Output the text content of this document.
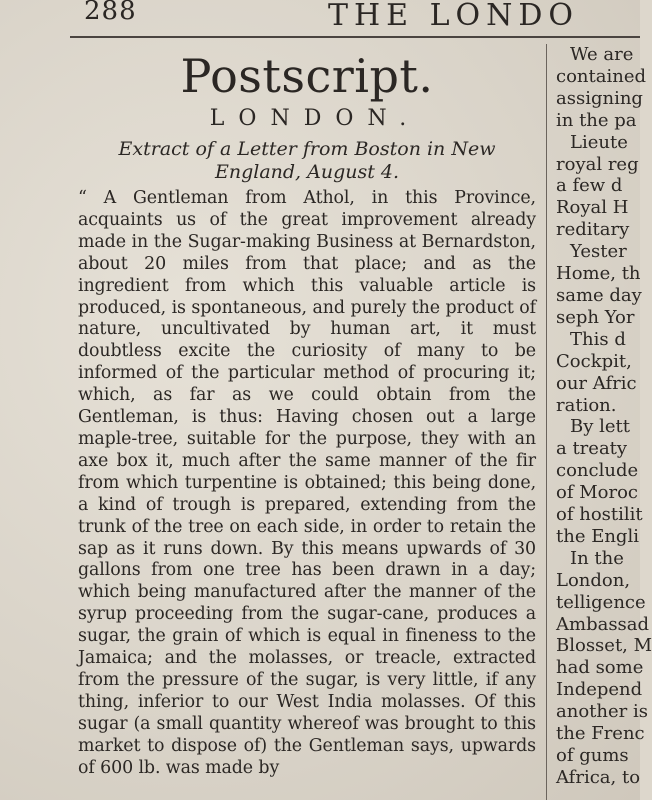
288	THE LONDO
Postscript.
LONDON.
Extract of a Letter from Boston in New England, August 4.

“ A Gentleman from Athol, in this Province, acquaints us of the great improvement already made in the Sugar-making Business at Bernardston, about 20 miles from that place; and as the ingredient from which this valuable article is produced, is spontaneous, and purely the product of nature, uncultivated by human art, it must doubtless excite the curiosity of many to be informed of the particular method of procuring it; which, as far as we could obtain from the Gentleman, is thus: Having chosen out a large maple-tree, suitable for the purpose, they with an axe box it, much after the same manner of the fir from which turpentine is obtained; this being done, a kind of trough is prepared, extending from the trunk of the tree on each side, in order to retain the sap as it runs down. By this means upwards of 30 gallons from one tree has been drawn in a day; which being manufactured after the manner of the syrup proceeding from the sugar-cane, produces a sugar, the grain of which is equal in fineness to the Jamaica; and the molasses, or treacle, extracted from the pressure of the sugar, is very little, if any thing, inferior to our West India molasses. Of this sugar (a small quantity whereof was brought to this market to dispose of) the Gentleman says, upwards of 600 lb. was made by

We are
contained
assigning
in the pa
Lieute
royal reg
a few d
Royal H
reditary
Yester
Home, th
same day
seph Yor
This d
Cockpit,
our Afric
ration.
By lett
a treaty
conclude
of Moroc
of hostilit
the Engli
In the
London,
telligence
Ambassad
Blosset, M
had some
Independ
another is
the Frenc
of gums
Africa, to
